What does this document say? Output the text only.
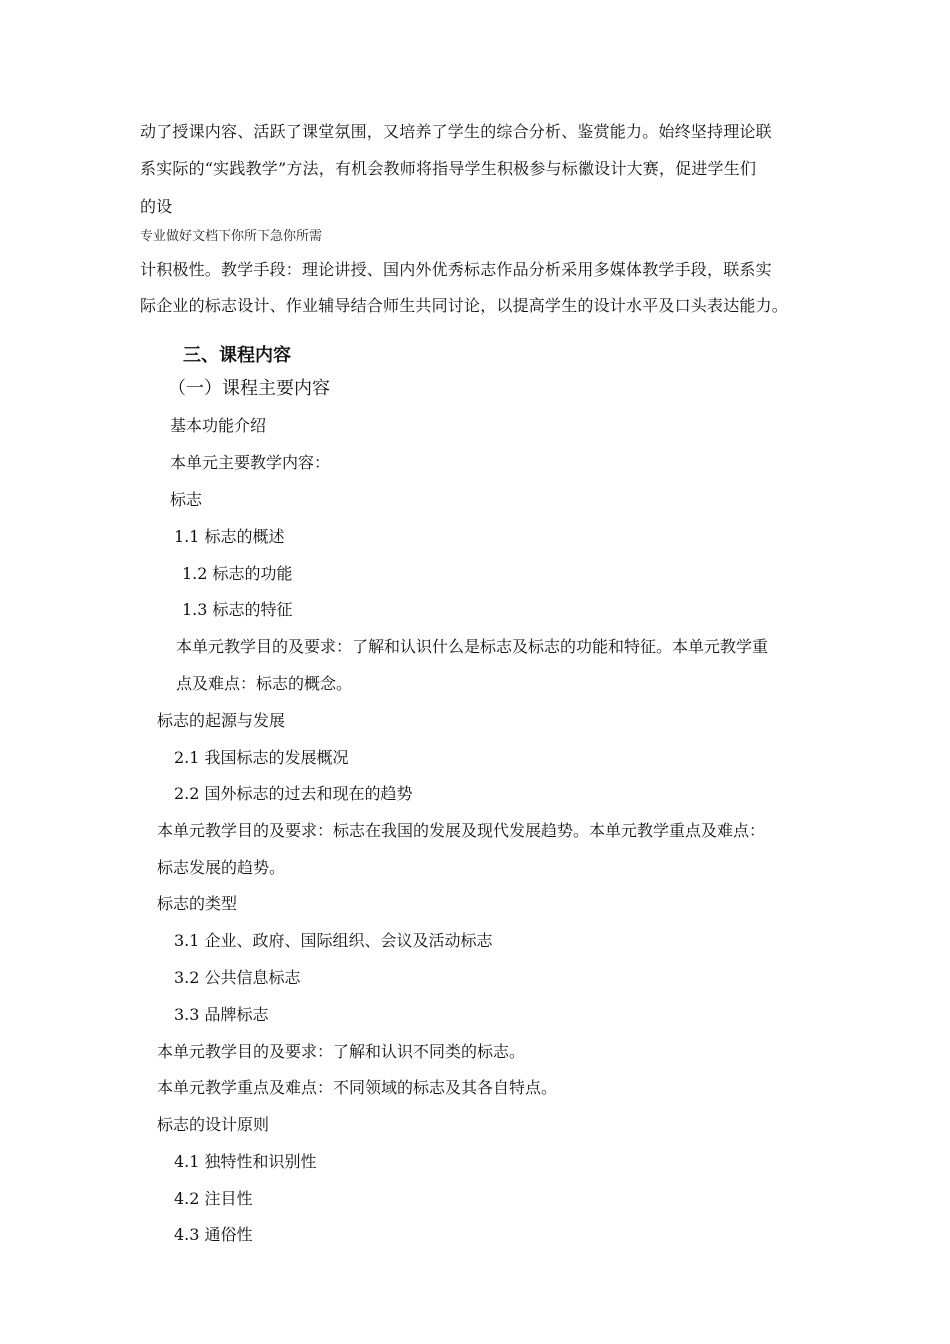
动了授课内容、活跃了课堂氛围，又培养了学生的综合分析、鉴赏能力。始终坚持理论联
系实际的“实践教学”方法，有机会教师将指导学生积极参与标徽设计大赛，促进学生们
的设
专业做好文档下你所下急你所需
计积极性。教学手段：理论讲授、国内外优秀标志作品分析采用多媒体教学手段，联系实
际企业的标志设计、作业辅导结合师生共同讨论，以提高学生的设计水平及口头表达能力。
三、课程内容
（一）课程主要内容
基本功能介绍
本单元主要教学内容：
标志
1.1 标志的概述
1.2 标志的功能
1.3 标志的特征
本单元教学目的及要求：了解和认识什么是标志及标志的功能和特征。本单元教学重
点及难点：标志的概念。
标志的起源与发展
2.1 我国标志的发展概况
2.2 国外标志的过去和现在的趋势
本单元教学目的及要求：标志在我国的发展及现代发展趋势。本单元教学重点及难点：
标志发展的趋势。
标志的类型
3.1 企业、政府、国际组织、会议及活动标志
3.2 公共信息标志
3.3 品牌标志
本单元教学目的及要求：了解和认识不同类的标志。
本单元教学重点及难点：不同领域的标志及其各自特点。
标志的设计原则
4.1 独特性和识别性
4.2 注目性
4.3 通俗性
